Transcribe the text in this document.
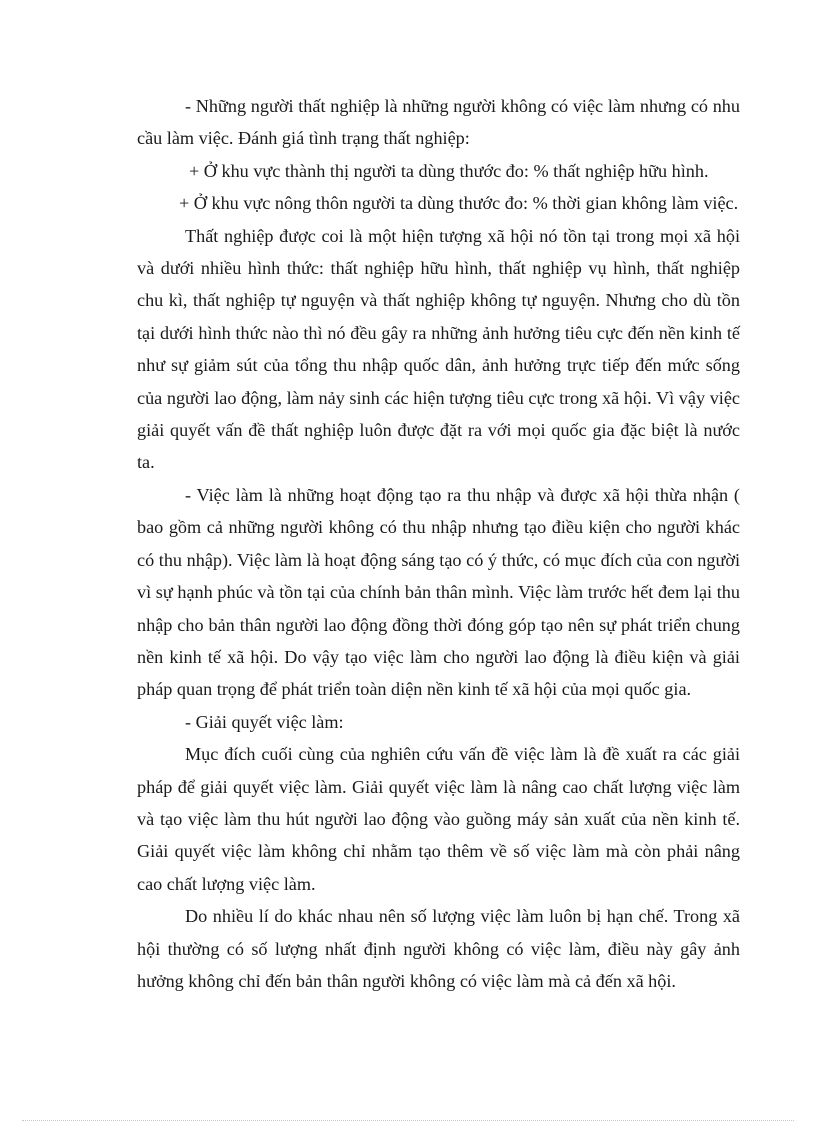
- Những người thất nghiệp là những người không có việc làm nhưng có nhu cầu làm việc. Đánh giá tình trạng thất nghiệp:

+ Ở khu vực thành thị người ta dùng thước đo: % thất nghiệp hữu hình.

+ Ở khu vực nông thôn người ta dùng thước đo: % thời gian không làm việc.

Thất nghiệp được coi là một hiện tượng xã hội nó tồn tại trong mọi xã hội và dưới nhiều hình thức: thất nghiệp hữu hình, thất nghiệp vụ hình, thất nghiệp chu kì, thất nghiệp tự nguyện và thất nghiệp không tự nguyện. Nhưng cho dù tồn tại dưới hình thức nào thì nó đều gây ra những ảnh hưởng tiêu cực đến nền kinh tế như sự giảm sút của tổng thu nhập quốc dân, ảnh hưởng trực tiếp đến mức sống của người lao động, làm nảy sinh các hiện tượng tiêu cực trong xã hội. Vì vậy việc giải quyết vấn đề thất nghiệp luôn được đặt ra với mọi quốc gia đặc biệt là nước ta.

- Việc làm là những hoạt động tạo ra thu nhập và được xã hội thừa nhận ( bao gồm cả những người không có thu nhập nhưng tạo điều kiện cho người khác có thu nhập). Việc làm là hoạt động sáng tạo có ý thức, có mục đích của con người vì sự hạnh phúc và tồn tại của chính bản thân mình. Việc làm trước hết đem lại thu nhập cho bản thân người lao động đồng thời đóng góp tạo nên sự phát triển chung nền kinh tế xã hội. Do vậy tạo việc làm cho người lao động là điều kiện và giải pháp quan trọng để phát triển toàn diện nền kinh tế xã hội của mọi quốc gia.

- Giải quyết việc làm:

Mục đích cuối cùng của nghiên cứu vấn đề việc làm là đề xuất ra các giải pháp để giải quyết việc làm. Giải quyết việc làm là nâng cao chất lượng việc làm và tạo việc làm thu hút người lao động vào guồng máy sản xuất của nền kinh tế. Giải quyết việc làm không chỉ nhằm tạo thêm về số việc làm mà còn phải nâng cao chất lượng việc làm.

Do nhiều lí do khác nhau nên số lượng việc làm luôn bị hạn chế. Trong xã hội thường có số lượng nhất định người không có việc làm, điều này gây ảnh hưởng không chỉ đến bản thân người không có việc làm mà cả đến xã hội.
